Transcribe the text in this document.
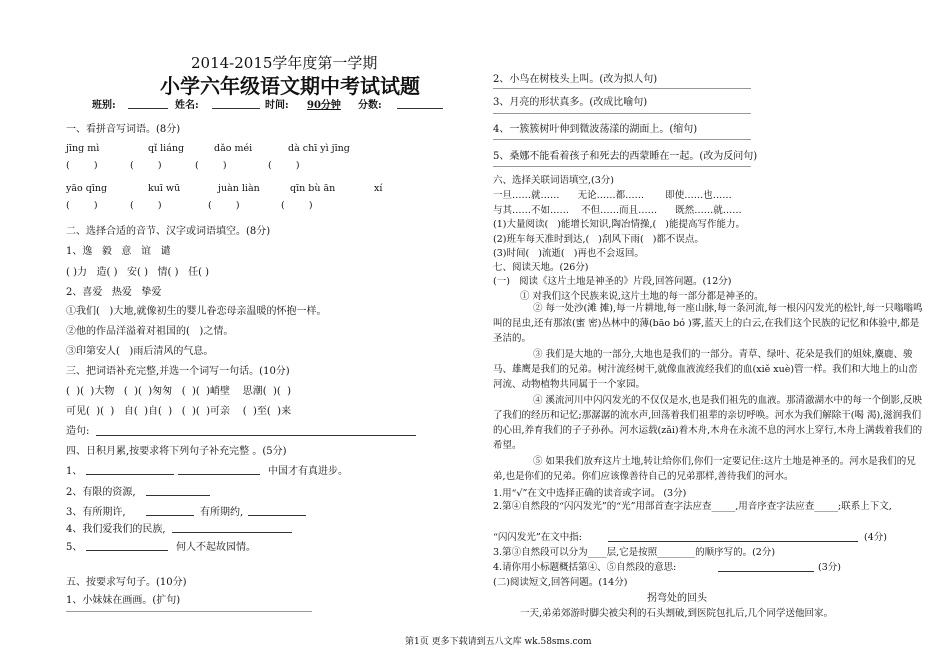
2014-2015学年度第一学期
小学六年级语文期中考试试题
班别:	姓名:	时间: 90分钟 分数:
一、看拼音写词语。(8分)
jīng mì	qǐ liáng	dǎo méi	dà chī yì jīng
(        )	(        )	(        )	(        )
yāo qīng	kuī wū	juàn liàn	qīn bù ān	xí
(        )	(        )	(        )	(        )
二、选择合适的音节、汉字或词语填空。(8分)
1、逸   毅   意   谊   谴
( )力   造( )   安( )   情( )   任( )
2、喜爱   热爱   挚爱
①我们(   )大地,就像初生的婴儿眷恋母亲温暖的怀抱一样。
②他的作品洋溢着对祖国的(   )之情。
③印第安人(   )雨后清风的气息。
三、把词语补充完整,并选一个词写一句话。(10分)
(  )(  )大物   (  )(  )匆匆   (  )(  )峭壁    思潮(  )(  )
可见(  )(  )   自(  )自(  )   (  )(  )可亲    (  )至(  )来
造句:
四、日积月累,按要求将下列句子补充完整 。(5分)
1、	中国才有真进步。
2、有限的资源,
3、有所期许,	有所期约,
4、我们爱我们的民族,
5、	何人不起故园情。
五、按要求写句子。(10分)
1、小妹妹在画画。(扩句)
2、小鸟在树枝头上叫。(改为拟人句)
3、月亮的形状真多。(改成比喻句)
4、一簇簇树叶伸到微波荡漾的湖面上。(缩句)
5、桑娜不能看着孩子和死去的西蒙睡在一起。(改为反问句)
六、选择关联词语填空,(3分)
一旦……就……      无论……都……       即使……也……
与其……不如……    不但……而且……      既然……就……
(1)大量阅读(   )能增长知识,陶冶情操,(   )能提高写作能力。
(2)班车每天准时到达,(   )刮风下雨(   )都不误点。
(3)时间(   )流逝(   )再也不会返回。
七、阅读天地。(26分)
(一)   阅读《这片土地是神圣的》片段,回答问题。(12分)
① 对我们这个民族来说,这片土地的每一部分都是神圣的。
② 每一处沙(滩 摊),每一片耕地,每一座山脉,每一条河流,每一根闪闪发光的松针,每一只嗡嗡鸣叫的昆虫,还有那浓(蜜 密)丛林中的薄(bāo bó )雾,蓝天上的白云,在我们这个民族的记忆和体验中,都是圣洁的。
③ 我们是大地的一部分,大地也是我们的一部分。青草、绿叶、花朵是我们的姐妹,麋鹿、骏马、雄鹰是我们的兄弟。树汁流经树干,就像血液流经我们的血(xiě xuè)管一样。我们和大地上的山峦河流、动物植物共同属于一个家园。
④ 溪流河川中闪闪发光的不仅仅是水,也是我们祖先的血液。那清澈湖水中的每一个倒影,反映了我们的经历和记忆;那潺潺的流水声,回荡着我们祖辈的亲切呼唤。河水为我们解除干(喝 渴),滋润我们的心田,养育我们的子子孙孙。河水运载(zǎi)着木舟,木舟在永流不息的河水上穿行,木舟上满载着我们的希望。
⑤ 如果我们放弃这片土地,转让给你们,你们一定要记住:这片土地是神圣的。河水是我们的兄弟,也是你们的兄弟。你们应该像善待自己的兄弟那样,善待我们的河水。
1.用“√”在文中选择正确的读音或字词。 (3分)
2.第④自然段的“闪闪发光”的“光”用部首查字法应查_____,用音序查字法应查_____;联系上下文,
“闪闪发光”在文中指:	(4分)
3.第③自然段可以分为____层,它是按照________的顺序写的。(2分)
4.请你用小标题概括第④、⑤自然段的意思:	(3分)
(二)阅读短文,回答问题。(14分)
拐弯处的回头
一天,弟弟郊游时脚尖被尖利的石头割破,到医院包扎后,几个同学送他回家。
第1页 更多下载请到五八文库 wk.58sms.com
